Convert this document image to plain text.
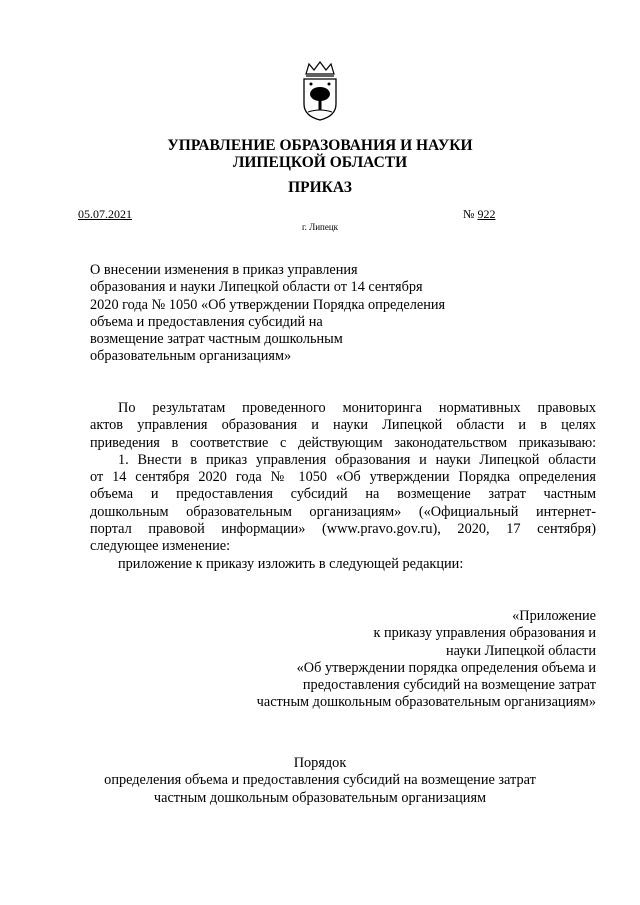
УПРАВЛЕНИЕ ОБРАЗОВАНИЯ И НАУКИ
ЛИПЕЦКОЙ ОБЛАСТИ
ПРИКАЗ
05.07.2021	№ 922
г. Липецк
О внесении изменения в приказ управления
образования и науки Липецкой области от 14 сентября
2020 года № 1050 «Об утверждении Порядка определения
объема и предоставления субсидий на
возмещение затрат частным дошкольным
образовательным организациям»
По результатам проведенного мониторинга нормативных правовых
актов управления образования и науки Липецкой области и в целях
приведения в соответствие с действующим законодательством приказываю:
1. Внести в приказ управления образования и науки Липецкой области
от 14 сентября 2020 года № 1050 «Об утверждении Порядка определения
объема и предоставления субсидий на возмещение затрат частным
дошкольным образовательным организациям» («Официальный интернет-
портал правовой информации» (www.pravo.gov.ru), 2020, 17 сентября)
следующее изменение:
приложение к приказу изложить в следующей редакции:
«Приложение
к приказу управления образования и
науки Липецкой области
«Об утверждении порядка определения объема и
предоставления субсидий на возмещение затрат
частным дошкольным образовательным организациям»
Порядок
определения объема и предоставления субсидий на возмещение затрат
частным дошкольным образовательным организациям
